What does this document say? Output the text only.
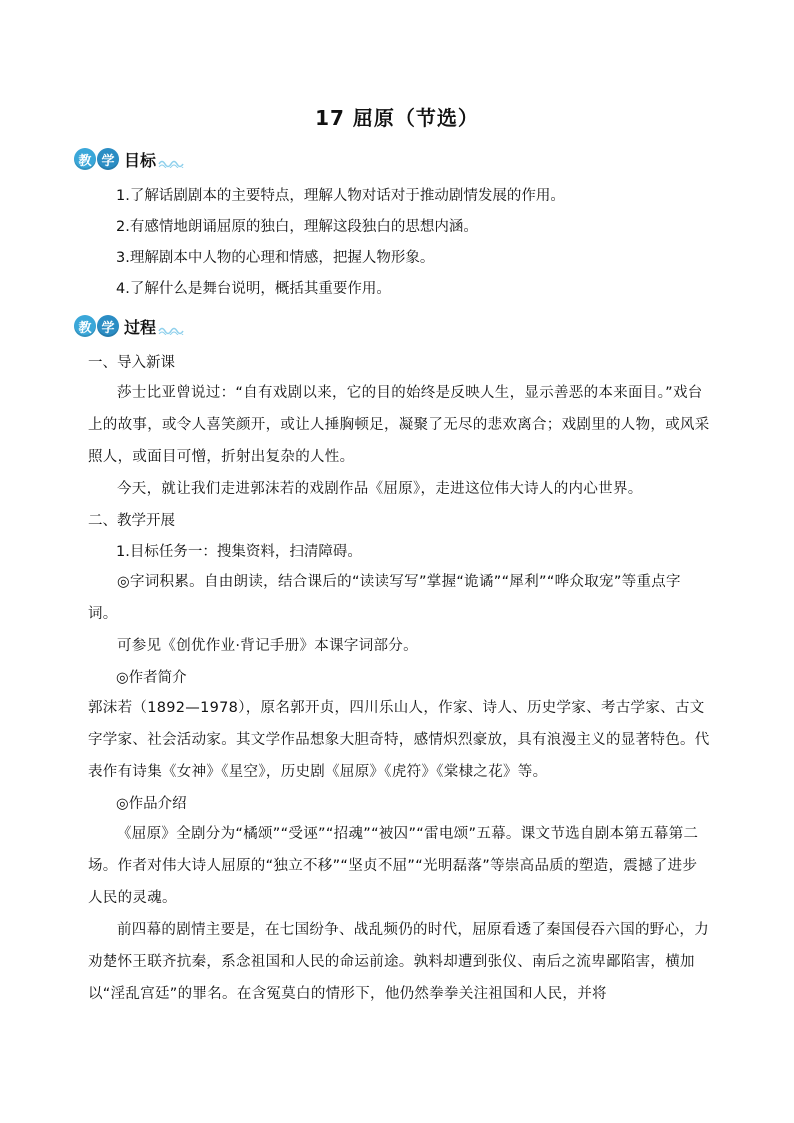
17 屈原（节选）
教 学 目标
1.了解话剧剧本的主要特点，理解人物对话对于推动剧情发展的作用。
2.有感情地朗诵屈原的独白，理解这段独白的思想内涵。
3.理解剧本中人物的心理和情感，把握人物形象。
4.了解什么是舞台说明，概括其重要作用。
教 学 过程
一、导入新课
莎士比亚曾说过：“自有戏剧以来，它的目的始终是反映人生，显示善恶的本来面目。”戏台上的故事，或令人喜笑颜开，或让人捶胸顿足，凝聚了无尽的悲欢离合；戏剧里的人物，或风采照人，或面目可憎，折射出复杂的人性。
今天，就让我们走进郭沫若的戏剧作品《屈原》，走进这位伟大诗人的内心世界。
二、教学开展
1.目标任务一：搜集资料，扫清障碍。
◎字词积累。自由朗读，结合课后的“读读写写”掌握“诡谲”“犀利”“哗众取宠”等重点字词。
可参见《创优作业·背记手册》本课字词部分。
◎作者简介
郭沫若（1892—1978），原名郭开贞，四川乐山人，作家、诗人、历史学家、考古学家、古文字学家、社会活动家。其文学作品想象大胆奇特，感情炽烈豪放，具有浪漫主义的显著特色。代表作有诗集《女神》《星空》，历史剧《屈原》《虎符》《棠棣之花》等。
◎作品介绍
《屈原》全剧分为“橘颂”“受诬”“招魂”“被囚”“雷电颂”五幕。课文节选自剧本第五幕第二场。作者对伟大诗人屈原的“独立不移”“坚贞不屈”“光明磊落”等崇高品质的塑造，震撼了进步人民的灵魂。
前四幕的剧情主要是，在七国纷争、战乱频仍的时代，屈原看透了秦国侵吞六国的野心，力劝楚怀王联齐抗秦，系念祖国和人民的命运前途。孰料却遭到张仪、南后之流卑鄙陷害，横加以“淫乱宫廷”的罪名。在含冤莫白的情形下，他仍然拳拳关注祖国和人民，并将
